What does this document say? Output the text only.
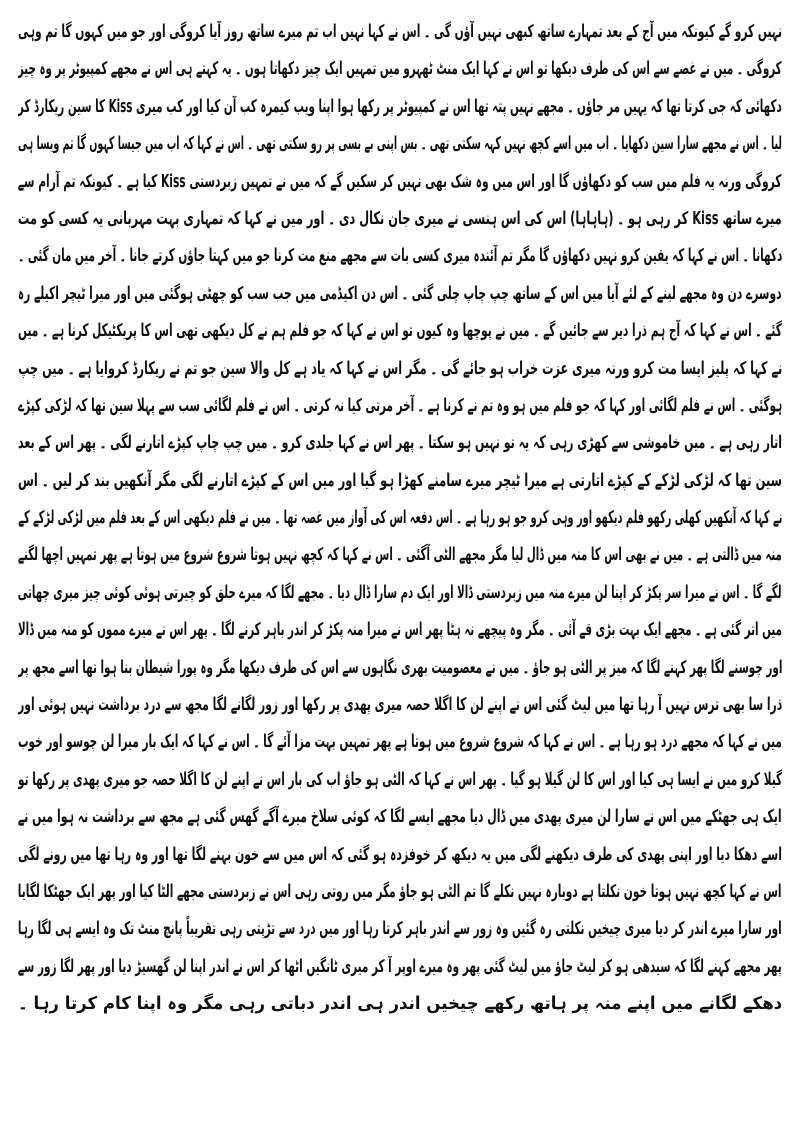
نہیں کرو گے کیونکہ میں آج کے بعد تمہارے ساتھ کبھی نہیں آؤں گی ۔ اس نے کہا نہیں اب تم میرے ساتھ روز آیا کروگی اور جو میں کہوں گا تم وہی
کروگی ۔ میں نے غصے سے اس کی طرف دیکھا تو اس نے کہا ایک منٹ ٹھہرو میں تمہیں ایک چیز دکھاتا ہوں ۔ یہ کہتے ہی اس نے مجھے کمپیوٹر پر وہ چیز
دکھائی کہ جی کرتا تھا کہ یہیں مر جاؤں ۔ مجھے نہیں پتہ تھا اس نے کمپیوٹر پر رکھا ہوا اپنا ویب کیمرہ کب آن کیا اور کب میری Kiss کا سین ریکارڈ کر
لیا ۔ اس نے مجھے سارا سین دکھایا ۔ اب میں اسے کچھ نہیں کہہ سکتی تھی ۔ بس اپنی بے بسی پر رو سکتی تھی ۔ اس نے کہا کہ اب میں جیسا کہوں گا تم ویسا ہی
کروگی ورنہ یہ فلم میں سب کو دکھاؤں گا اور اس میں وہ شک بھی نہیں کر سکیں گے کہ میں نے تمہیں زبردستی Kiss کیا ہے ۔ کیونکہ تم آرام سے
میرے ساتھ Kiss کر رہی ہو ۔ (ہاہاہا) اس کی اس ہنسی نے میری جان نکال دی ۔ اور میں نے کہا کہ تمہاری بہت مہربانی یہ کسی کو مت
دکھانا ۔ اس نے کہا کہ یقین کرو نہیں دکھاؤں گا مگر تم آئندہ میری کسی بات سے مجھے منع مت کرنا جو میں کہتا جاؤں کرتے جانا ۔ آخر میں مان گئی ۔
دوسرے دن وہ مجھے لینے کے لئے آیا میں اس کے ساتھ چپ چاپ چلی گئی ۔ اس دن اکیڈمی میں جب سب کو چھٹی ہوگئی میں اور میرا ٹیچر اکیلے رہ
گئے ۔ اس نے کہا کہ آج ہم ذرا دیر سے جائیں گے ۔ میں نے پوچھا وہ کیوں تو اس نے کہا کہ جو فلم ہم نے کل دیکھی تھی اس کا پریکٹیکل کرنا ہے ۔ میں
نے کہا کہ پلیز ایسا مت کرو ورنہ میری عزت خراب ہو جائے گی ۔ مگر اس نے کہا کہ یاد ہے کل والا سین جو تم نے ریکارڈ کروایا ہے ۔ میں چپ
ہوگئی ۔ اس نے فلم لگائی اور کہا کہ جو فلم میں ہو وہ تم نے کرنا ہے ۔ آخر مرتی کیا نہ کرتی ۔ اس نے فلم لگائی سب سے پہلا سین تھا کہ لڑکی کپڑے
اتار رہی ہے ۔ میں خاموشی سے کھڑی رہی کہ یہ تو نہیں ہو سکتا ۔ پھر اس نے کہا جلدی کرو ۔ میں چپ چاپ کپڑے اتارنے لگی ۔ پھر اس کے بعد
سین تھا کہ لڑکی لڑکے کے کپڑے اتارتی ہے میرا ٹیچر میرے سامنے کھڑا ہو گیا اور میں اس کے کپڑے اتارنے لگی مگر آنکھیں بند کر لیں ۔ اس
نے کہا کہ آنکھیں کھلی رکھو فلم دیکھو اور وہی کرو جو ہو رہا ہے ۔ اس دفعہ اس کی آواز میں غصہ تھا ۔ میں نے فلم دیکھی اس کے بعد فلم میں لڑکی لڑکے کے
منہ میں ڈالتی ہے ۔ میں نے بھی اس کا منہ میں ڈال لیا مگر مجھے الٹی آگئی ۔ اس نے کہا کہ کچھ نہیں ہوتا شروع شروع میں ہوتا ہے پھر تمہیں اچھا لگنے
لگے گا ۔ اس نے میرا سر پکڑ کر اپنا لن میرے منہ میں زبردستی ڈالا اور ایک دم سارا ڈال دیا ۔ مجھے لگا کہ میرے حلق کو چیرتی ہوئی کوئی چیز میری چھاتی
میں اتر گئی ہے ۔ مجھے ایک بہت بڑی قے آئی ۔ مگر وہ پیچھے نہ ہٹا پھر اس نے میرا منہ پکڑ کر اندر باہر کرنے لگا ۔ پھر اس نے میرے مموں کو منہ میں ڈالا
اور چوسنے لگا پھر کہنے لگا کہ میز پر الٹی ہو جاؤ ۔ میں نے معصومیت بھری نگاہوں سے اس کی طرف دیکھا مگر وہ پورا شیطان بنا ہوا تھا اسے مجھ پر
ذرا سا بھی ترس نہیں آ رہا تھا میں لیٹ گئی اس نے اپنے لن کا اگلا حصہ میری پھدی پر رکھا اور زور لگانے لگا مجھ سے درد برداشت نہیں ہوئی اور
میں نے کہا کہ مجھے درد ہو رہا ہے ۔ اس نے کہا کہ شروع شروع میں ہوتا ہے پھر تمہیں بہت مزا آئے گا ۔ اس نے کہا کہ ایک بار میرا لن چوسو اور خوب
گیلا کرو میں نے ایسا ہی کیا اور اس کا لن گیلا ہو گیا ۔ پھر اس نے کہا کہ الٹی ہو جاؤ اب کی بار اس نے اپنے لن کا اگلا حصہ جو میری پھدی پر رکھا تو
ایک ہی جھٹکے میں اس نے سارا لن میری پھدی میں ڈال دیا مجھے ایسے لگا کہ کوئی سلاخ میرے آگے گھس گئی ہے مجھ سے برداشت نہ ہوا میں نے
اسے دھکا دیا اور اپنی پھدی کی طرف دیکھنے لگی میں یہ دیکھ کر خوفزدہ ہو گئی کہ اس میں سے خون بہنے لگا تھا اور وہ رہا تھا میں رونے لگی
اس نے کہا کچھ نہیں ہوتا خون نکلتا ہے دوبارہ نہیں نکلے گا تم الٹی ہو جاؤ مگر میں روتی رہی اس نے زبردستی مجھے الٹا کیا اور پھر ایک جھٹکا لگایا
اور سارا میرے اندر کر دیا میری چیخیں نکلتی رہ گئیں وہ زور سے اندر باہر کرتا رہا اور میں درد سے تڑپتی رہی تقریباً پانچ منٹ تک وہ ایسے ہی لگا رہا
پھر مجھے کہنے لگا کہ سیدھی ہو کر لیٹ جاؤ میں لیٹ گئی پھر وہ میرے اوپر آ کر میری ٹانگیں اٹھا کر اس نے اندر اپنا لن گھسیڑ دیا اور پھر لگا زور سے
دھکے لگانے میں اپنے منہ پر ہاتھ رکھے چیخیں اندر ہی اندر دباتی رہی مگر وہ اپنا کام کرتا رہا ۔
